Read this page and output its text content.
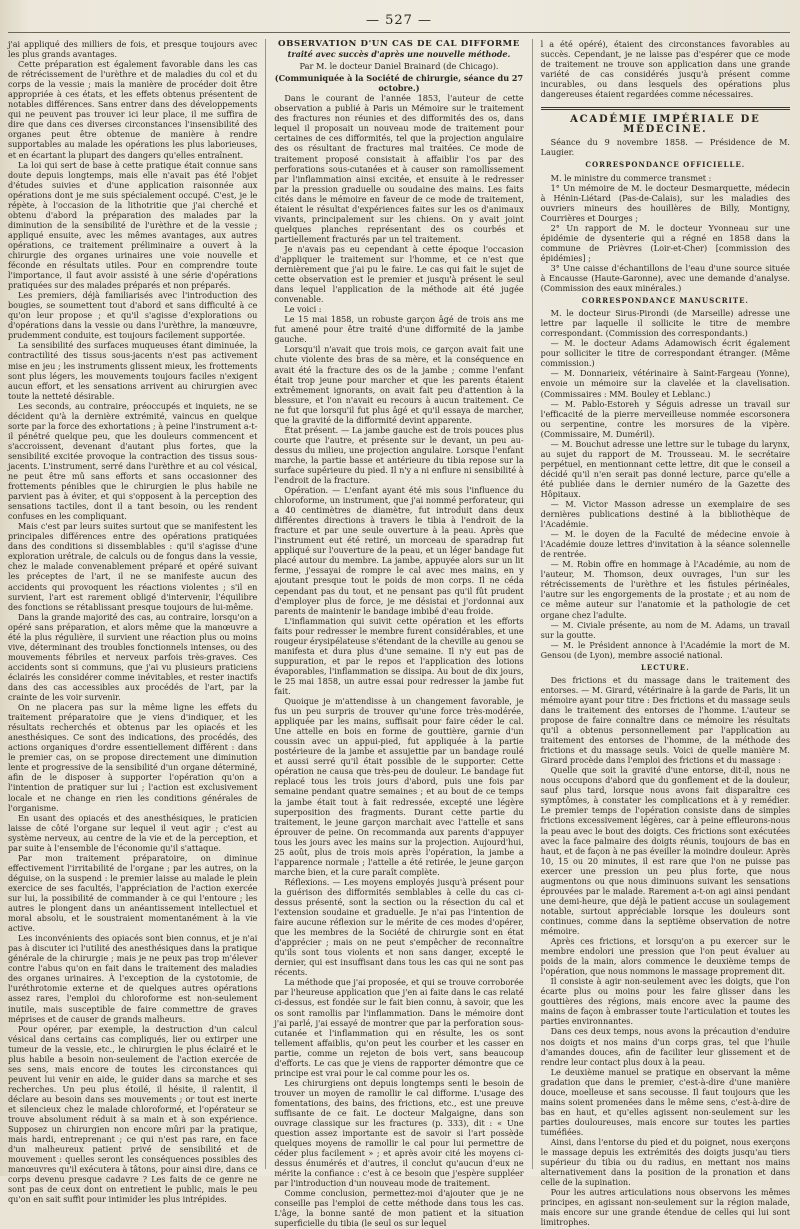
— 527 —

j'ai appliqué des milliers de fois, et presque toujours avec les plus grands avantages.

Cette préparation est également favorable dans les cas de rétrécissement de l'urèthre et de maladies du col et du corps de la vessie ; mais la manière de procéder doit être appropriée à ces états, et les effets obtenus présentent de notables différences. Sans entrer dans des développements qui ne peuvent pas trouver ici leur place, il me suffira de dire que dans ces diverses circonstances l'insensibilité des organes peut être obtenue de manière à rendre supportables au malade les opérations les plus laborieuses, et en écartant la plupart des dangers qu'elles entraînent.

La loi qui sert de base à cette pratique était connue sans doute depuis longtemps, mais elle n'avait pas été l'objet d'études suivies et d'une application raisonnée aux opérations dont je me suis spécialement occupé. C'est, je le répète, à l'occasion de la lithotritie que j'ai cherché et obtenu d'abord la préparation des malades par la diminution de la sensibilité de l'urèthre et de la vessie ; appliqué ensuite, avec les mêmes avantages, aux autres opérations, ce traitement préliminaire a ouvert à la chirurgie des organes urinaires une voie nouvelle et féconde en résultats utiles. Pour en comprendre toute l'importance, il faut avoir assisté à une série d'opérations pratiquées sur des malades préparés et non préparés.

Les premiers, déjà familiarisés avec l'introduction des bougies, se soumettent tout d'abord et sans difficulté à ce qu'on leur propose ; et qu'il s'agisse d'explorations ou d'opérations dans la vessie ou dans l'urèthre, la manœuvre, prudemment conduite, est toujours facilement supportée.

La sensibilité des surfaces muqueuses étant diminuée, la contractilité des tissus sous-jacents n'est pas activement mise en jeu ; les instruments glissent mieux, les frottements sont plus légers, les mouvements toujours faciles n'exigent aucun effort, et les sensations arrivent au chirurgien avec toute la netteté désirable.

Les seconds, au contraire, préoccupés et inquiets, ne se décident qu'à la dernière extrémité, vaincus en quelque sorte par la force des exhortations ; à peine l'instrument a-t-il pénétré quelque peu, que les douleurs commencent et s'accroissent, devenant d'autant plus fortes, que la sensibilité excitée provoque la contraction des tissus sous-jacents. L'instrument, serré dans l'urèthre et au col vésical, ne peut être mû sans efforts et sans occasionner des frottements pénibles que le chirurgien le plus habile ne parvient pas à éviter, et qui s'opposent à la perception des sensations tactiles, dont il a tant besoin, ou les rendent confuses en les compliquant.

Mais c'est par leurs suites surtout que se manifestent les principales différences entre des opérations pratiquées dans des conditions si dissemblables : qu'il s'agisse d'une exploration urétrale, de calculs ou de fongus dans la vessie, chez le malade convenablement préparé et opéré suivant les préceptes de l'art, il ne se manifeste aucun des accidents qui provoquent les réactions violentes ; s'il en survient, l'art est rarement obligé d'intervenir, l'équilibre des fonctions se rétablissant presque toujours de lui-même.

Dans la grande majorité des cas, au contraire, lorsqu'on a opéré sans préparation, et alors même que la manœuvre a été la plus régulière, il survient une réaction plus ou moins vive, déterminant des troubles fonctionnels intenses, ou des mouvements fébriles et nerveux parfois très-graves. Ces accidents sont si communs, que j'ai vu plusieurs praticiens éclairés les considérer comme inévitables, et rester inactifs dans des cas accessibles aux procédés de l'art, par la crainte de les voir survenir.

On ne placera pas sur la même ligne les effets du traitement préparatoire que je viens d'indiquer, et les résultats recherchés et obtenus par les opiacés et les anesthésiques. Ce sont des indications, des procédés, des actions organiques d'ordre essentiellement différent : dans le premier cas, on se propose directement une diminution lente et progressive de la sensibilité d'un organe déterminé, afin de le disposer à supporter l'opération qu'on a l'intention de pratiquer sur lui ; l'action est exclusivement locale et ne change en rien les conditions générales de l'organisme.

En usant des opiacés et des anesthésiques, le praticien laisse de côté l'organe sur lequel il veut agir ; c'est au système nerveux, au centre de la vie et de la perception, et par suite à l'ensemble de l'économie qu'il s'attaque.

Par mon traitement préparatoire, on diminue effectivement l'irritabilité de l'organe ; par les autres, on la déguise, on la suspend : le premier laisse au malade le plein exercice de ses facultés, l'appréciation de l'action exercée sur lui, la possibilité de commander à ce qui l'entoure ; les autres le plongent dans un anéantissement intellectuel et moral absolu, et le soustraient momentanément à la vie active.

Les inconvénients des opiacés sont bien connus, et je n'ai pas à discuter ici l'utilité des anesthésiques dans la pratique générale de la chirurgie ; mais je ne peux pas trop m'élever contre l'abus qu'on en fait dans le traitement des maladies des organes urinaires. À l'exception de la cystotomie, de l'uréthrotomie externe et de quelques autres opérations assez rares, l'emploi du chloroforme est non-seulement inutile, mais susceptible de faire commettre de graves méprises et de causer de grands malheurs.

Pour opérer, par exemple, la destruction d'un calcul vésical dans certains cas compliqués, lier ou extirper une tumeur de la vessie, etc., le chirurgien le plus éclairé et le plus habile a besoin non-seulement de l'action exercée de ses sens, mais encore de toutes les circonstances qui peuvent lui venir en aide, le guider dans sa marche et ses recherches. Un peu plus étoilé, il hésite, il ralentit, il déclare au besoin dans ses mouvements ; or tout est inerte et silencieux chez le malade chloroformé, et l'opérateur se trouve absolument réduit à sa main et à son expérience. Supposez un chirurgien non encore mûri par la pratique, mais hardi, entreprenant ; ce qui n'est pas rare, en face d'un malheureux patient privé de sensibilité et de mouvement : quelles seront les conséquences possibles des manœuvres qu'il exécutera à tâtons, pour ainsi dire, dans ce corps devenu presque cadavre ? Les faits de ce genre ne sont pas de ceux dont on entretient le public, mais le peu qu'on en sait suffit pour intimider les plus intrépides.

OBSERVATION D'UN CAS DE CAL DIFFORME

traité avec succès d'après une nouvelle méthode.

Par M. le docteur Daniel Brainard (de Chicago).

(Communiquée à la Société de chirurgie, séance du 27 octobre.)

Dans le courant de l'année 1853, l'auteur de cette observation a publié à Paris un Mémoire sur le traitement des fractures non réunies et des difformités des os, dans lequel il proposait un nouveau mode de traitement pour certaines de ces difformités, tel que la projection angulaire des os résultant de fractures mal traitées. Ce mode de traitement proposé consistait à affaiblir l'os par des perforations sous-cutanées et à causer son ramollissement par l'inflammation ainsi excitée, et ensuite à le redresser par la pression graduelle ou soudaine des mains. Les faits cités dans le mémoire en faveur de ce mode de traitement, étaient le résultat d'expériences faites sur les os d'animaux vivants, principalement sur les chiens. On y avait joint quelques planches représentant des os courbés et partiellement fracturés par un tel traitement.

Je n'avais pas eu cependant à cette époque l'occasion d'appliquer le traitement sur l'homme, et ce n'est que dernièrement que j'ai pu le faire. Le cas qui fait le sujet de cette observation est le premier et jusqu'à présent le seul dans lequel l'application de la méthode ait été jugée convenable.

Le voici :

Le 15 mai 1858, un robuste garçon âgé de trois ans me fut amené pour être traité d'une difformité de la jambe gauche.

Lorsqu'il n'avait que trois mois, ce garçon avait fait une chute violente des bras de sa mère, et la conséquence en avait été la fracture des os de la jambe ; comme l'enfant était trop jeune pour marcher et que les parents étaient extrêmement ignorants, on avait fait peu d'attention à la blessure, et l'on n'avait eu recours à aucun traitement. Ce ne fut que lorsqu'il fut plus âgé et qu'il essaya de marcher, que la gravité de la difformité devint apparente.

État présent. — La jambe gauche est de trois pouces plus courte que l'autre, et présente sur le devant, un peu au-dessus du milieu, une projection angulaire. Lorsque l'enfant marche, la partie basse et antérieure du tibia repose sur la surface supérieure du pied. Il n'y a ni enflure ni sensibilité à l'endroit de la fracture.

Opération. — L'enfant ayant été mis sous l'influence du chloroforme, un instrument, que j'ai nommé perforateur, qui a 40 centimètres de diamètre, fut introduit dans deux différentes directions à travers le tibia à l'endroit de la fracture et par une seule ouverture à la peau. Après que l'instrument eut été retiré, un morceau de sparadrap fut appliqué sur l'ouverture de la peau, et un léger bandage fut placé autour du membre. La jambe, appuyée alors sur un lit ferme, j'essayai de rompre le cal avec mes mains, en y ajoutant presque tout le poids de mon corps. Il ne céda cependant pas du tout, et ne pensant pas qu'il fût prudent d'employer plus de force, je me désistai et j'ordonnai aux parents de maintenir le bandage imbibé d'eau froide.

L'inflammation qui suivit cette opération et les efforts faits pour redresser le membre furent considérables, et une rougeur érysipélateuse s'étendant de la cheville au genou se manifesta et dura plus d'une semaine. Il n'y eut pas de suppuration, et par le repos et l'application des lotions évaporables, l'inflammation se dissipa. Au bout de dix jours, le 25 mai 1858, un autre essai pour redresser la jambe fut fait.

Quoique je m'attendisse à un changement favorable, je fus un peu surpris de trouver qu'une force très-modérée, appliquée par les mains, suffisait pour faire céder le cal. Une attelle en bois en forme de gouttière, garnie d'un coussin avec un appui-pied, fut appliquée à la partie postérieure de la jambe et assujettie par un bandage roulé et aussi serré qu'il était possible de le supporter. Cette opération ne causa que très-peu de douleur. Le bandage fut replacé tous les trois jours d'abord, puis une fois par semaine pendant quatre semaines ; et au bout de ce temps la jambe était tout à fait redressée, excepté une légère superposition des fragments. Durant cette partie du traitement, le jeune garçon marchait avec l'attelle et sans éprouver de peine. On recommanda aux parents d'appuyer tous les jours avec les mains sur la projection. Aujourd'hui, 25 août, plus de trois mois après l'opération, la jambe a l'apparence normale ; l'attelle a été retirée, le jeune garçon marche bien, et la cure paraît complète.

Réflexions. — Les moyens employés jusqu'à présent pour la guérison des difformités semblables à celle du cas ci-dessus présenté, sont la section ou la résection du cal et l'extension soudaine et graduelle. Je n'ai pas l'intention de faire aucune réflexion sur le mérite de ces modes d'opérer, que les membres de la Société de chirurgie sont en état d'apprécier ; mais on ne peut s'empêcher de reconnaître qu'ils sont tous violents et non sans danger, excepté le dernier, qui est insuffisant dans tous les cas qui ne sont pas récents.

La méthode que j'ai proposée, et qui se trouve corroborée par l'heureuse application que j'en ai faite dans le cas relaté ci-dessus, est fondée sur le fait bien connu, à savoir, que les os sont ramollis par l'inflammation. Dans le mémoire dont j'ai parlé, j'ai essayé de montrer que par la perforation sous-cutanée et l'inflammation qui en résulte, les os sont tellement affaiblis, qu'on peut les courber et les casser en partie, comme un rejeton de bois vert, sans beaucoup d'efforts. Le cas que je viens de rapporter démontre que ce principe est vrai pour le cal comme pour les os.

Les chirurgiens ont depuis longtemps senti le besoin de trouver un moyen de ramollir le cal difforme. L'usage des fomentations, des bains, des frictions, etc., est une preuve suffisante de ce fait. Le docteur Malgaigne, dans son ouvrage classique sur les fractures (p. 333), dit : « Une question assez importante est de savoir si l'art possède quelques moyens de ramollir le cal pour lui permettre de céder plus facilement » ; et après avoir cité les moyens ci-dessus énumérés et d'autres, il conclut qu'aucun d'eux ne mérite la confiance : c'est à ce besoin que j'espère suppléer par l'introduction d'un nouveau mode de traitement.

Comme conclusion, permettez-moi d'ajouter que je ne conseille pas l'emploi de cette méthode dans tous les cas. L'âge, la bonne santé de mon patient et la situation superficielle du tibia (le seul os sur lequel

l a été opéré), étaient des circonstances favorables au succès. Cependant, je ne laisse pas d'espérer que ce mode de traitement ne trouve son application dans une grande variété de cas considérés jusqu'à présent comme incurables, ou dans lesquels des opérations plus dangereuses étaient regardées comme nécessaires.

ACADÉMIE IMPÉRIALE DE MÉDECINE.

Séance du 9 novembre 1858. — Présidence de M. Laugier.

CORRESPONDANCE OFFICIELLE.

M. le ministre du commerce transmet :

1° Un mémoire de M. le docteur Desmarquette, médecin à Hénin-Liétard (Pas-de-Calais), sur les maladies des ouvriers mineurs des houillères de Billy, Montigny, Courrières et Dourges ;

2° Un rapport de M. le docteur Yvonneau sur une épidémie de dysenterie qui a régné en 1858 dans la commune de Prièvres (Loir-et-Cher) [commission des épidémies] ;

3° Une caisse d'échantillons de l'eau d'une source située à Encausse (Haute-Garonne), avec une demande d'analyse. (Commission des eaux minérales.)

CORRESPONDANCE MANUSCRITE.

M. le docteur Sirus-Pirondi (de Marseille) adresse une lettre par laquelle il sollicite le titre de membre correspondant. (Commission des correspondants.)

— M. le docteur Adams Adamowisch écrit également pour solliciter le titre de correspondant étranger. (Même commission.)

— M. Donnarieix, vétérinaire à Saint-Fargeau (Yonne), envoie un mémoire sur la clavelée et la clavelisation. (Commissaires : MM. Bouley et Leblanc.)

— M. Pablo-Estoreh y Séguis adresse un travail sur l'efficacité de la pierre merveilleuse nommée escorsonera ou serpentine, contre les morsures de la vipère. (Commissaire, M. Duméril).

— M. Bouchut adresse une lettre sur le tubage du larynx, au sujet du rapport de M. Trousseau. M. le secrétaire perpétuel, en mentionnant cette lettre, dit que le conseil a décidé qu'il n'en serait pas donné lecture, parce qu'elle a été publiée dans le dernier numéro de la Gazette des Hôpitaux.

— M. Victor Masson adresse un exemplaire de ses dernières publications destiné à la bibliothèque de l'Académie.

— M. le doyen de la Faculté de médecine envoie à l'Académie douze lettres d'invitation à la séance solennelle de rentrée.

— M. Robin offre en hommage à l'Académie, au nom de l'auteur, M. Thomson, deux ouvrages, l'un sur les rétrécissements de l'urèthre et les fistules périnéales, l'autre sur les engorgements de la prostate ; et au nom de ce même auteur sur l'anatomie et la pathologie de cet organe chez l'adulte.

— M. Civiale présente, au nom de M. Adams, un travail sur la goutte.

— M. le Président annonce à l'Académie la mort de M. Gensou (de Lyon), membre associé national.

LECTURE.

Des frictions et du massage dans le traitement des entorses. — M. Girard, vétérinaire à la garde de Paris, lit un mémoire ayant pour titre : Des frictions et du massage seuls dans le traitement des entorses de l'homme. L'auteur se propose de faire connaître dans ce mémoire les résultats qu'il a obtenus personnellement par l'application au traitement des entorses de l'homme, de la méthode des frictions et du massage seuls. Voici de quelle manière M. Girard procède dans l'emploi des frictions et du massage :

Quelle que soit la gravité d'une entorse, dit-il, nous ne nous occupons d'abord que du gonflement et de la douleur, sauf plus tard, lorsque nous avons fait disparaître ces symptômes, à constater les complications et à y remédier. Le premier temps de l'opération consiste dans de simples frictions excessivement légères, car à peine effleurons-nous la peau avec le bout des doigts. Ces frictions sont exécutées avec la face palmaire des doigts réunis, toujours de bas en haut, et de façon à ne pas éveiller la moindre douleur. Après 10, 15 ou 20 minutes, il est rare que l'on ne puisse pas exercer une pression un peu plus forte, que nous augmentons ou que nous diminuons suivant les sensations éprouvées par le malade. Rarement a-t-on agi ainsi pendant une demi-heure, que déjà le patient accuse un soulagement notable, surtout appréciable lorsque les douleurs sont continues, comme dans la septième observation de notre mémoire.

Après ces frictions, et lorsqu'on a pu exercer sur le membre endolori une pression que l'on peut évaluer au poids de la main, alors commence le deuxième temps de l'opération, que nous nommons le massage proprement dit.

Il consiste à agir non-seulement avec les doigts, que l'on écarte plus ou moins pour les faire glisser dans les gouttières des régions, mais encore avec la paume des mains de façon à embrasser toute l'articulation et toutes les parties environnantes.

Dans ces deux temps, nous avons la précaution d'enduire nos doigts et nos mains d'un corps gras, tel que l'huile d'amandes douces, afin de faciliter leur glissement et de rendre leur contact plus doux à la peau.

Le deuxième manuel se pratique en observant la même gradation que dans le premier, c'est-à-dire d'une manière douce, moelleuse et sans secousse. Il faut toujours que les mains soient promenées dans le même sens, c'est-à-dire de bas en haut, et qu'elles agissent non-seulement sur les parties douloureuses, mais encore sur toutes les parties tuméfiées.

Ainsi, dans l'entorse du pied et du poignet, nous exerçons le massage depuis les extrémités des doigts jusqu'au tiers supérieur du tibia ou du radius, en mettant nos mains alternativement dans la position de la pronation et dans celle de la supination.

Pour les autres articulations nous observons les mêmes principes, en agissant non-seulement sur la région malade, mais encore sur une grande étendue de celles qui lui sont limitrophes.
